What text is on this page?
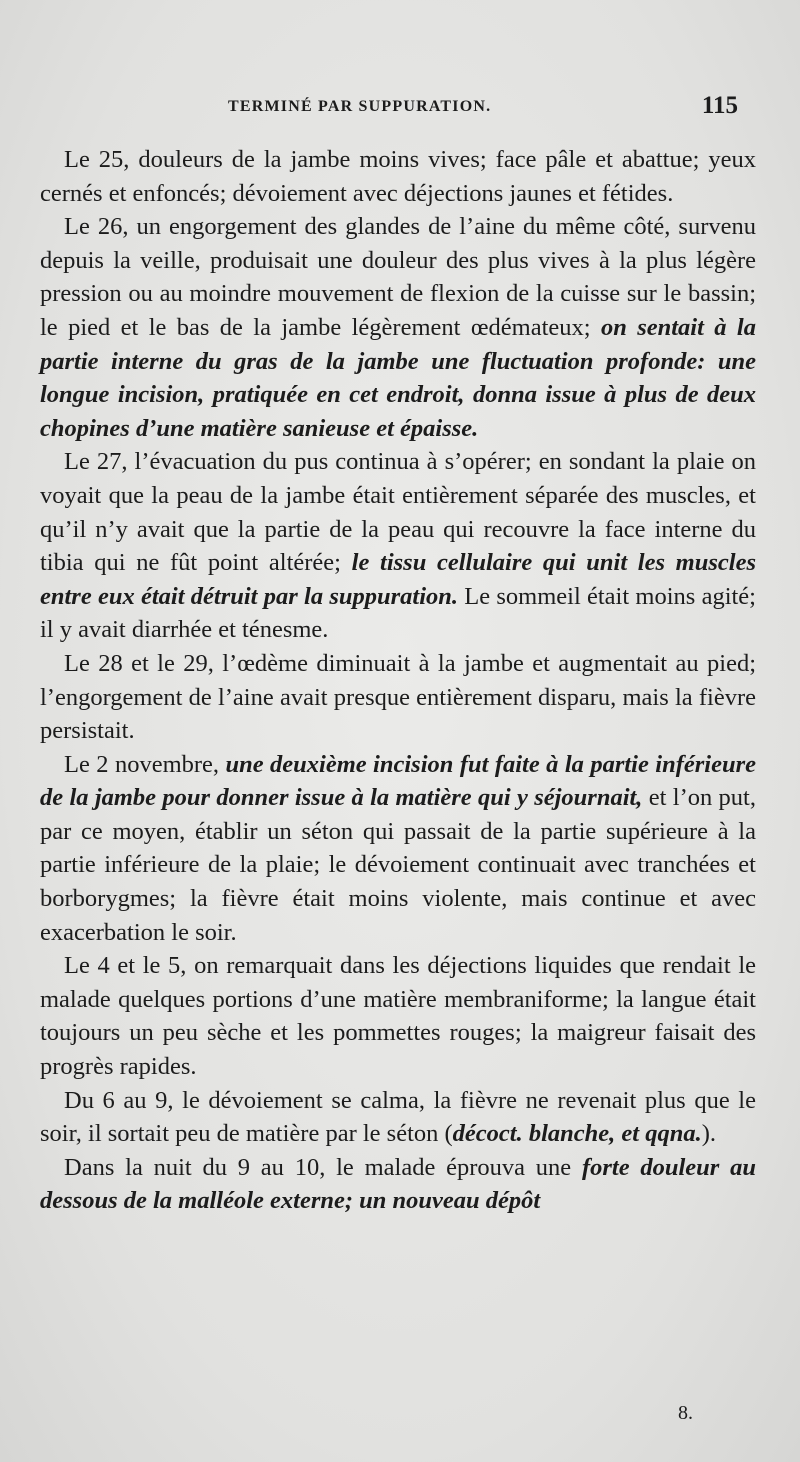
TERMINÉ PAR SUPPURATION.	115

Le 25, douleurs de la jambe moins vives; face pâle et abattue; yeux cernés et enfoncés; dévoiement avec déjections jaunes et fétides.

Le 26, un engorgement des glandes de l’aine du même côté, survenu depuis la veille, produisait une douleur des plus vives à la plus légère pression ou au moindre mouvement de flexion de la cuisse sur le bassin; le pied et le bas de la jambe légèrement œdémateux; on sentait à la partie interne du gras de la jambe une fluctuation profonde: une longue incision, pratiquée en cet endroit, donna issue à plus de deux chopines d’une matière sanieuse et épaisse.

Le 27, l’évacuation du pus continua à s’opérer; en sondant la plaie on voyait que la peau de la jambe était entièrement séparée des muscles, et qu’il n’y avait que la partie de la peau qui recouvre la face interne du tibia qui ne fût point altérée; le tissu cellulaire qui unit les muscles entre eux était détruit par la suppuration. Le sommeil était moins agité; il y avait diarrhée et ténesme.

Le 28 et le 29, l’œdème diminuait à la jambe et augmentait au pied; l’engorgement de l’aine avait presque entièrement disparu, mais la fièvre persistait.

Le 2 novembre, une deuxième incision fut faite à la partie inférieure de la jambe pour donner issue à la matière qui y séjournait, et l’on put, par ce moyen, établir un séton qui passait de la partie supérieure à la partie inférieure de la plaie; le dévoiement continuait avec tranchées et borborygmes; la fièvre était moins violente, mais continue et avec exacerbation le soir.

Le 4 et le 5, on remarquait dans les déjections liquides que rendait le malade quelques portions d’une matière membraniforme; la langue était toujours un peu sèche et les pommettes rouges; la maigreur faisait des progrès rapides.

Du 6 au 9, le dévoiement se calma, la fièvre ne revenait plus que le soir, il sortait peu de matière par le séton (décoct. blanche, et qqna.).

Dans la nuit du 9 au 10, le malade éprouva une forte douleur au dessous de la malléole externe; un nouveau dépôt

8.
